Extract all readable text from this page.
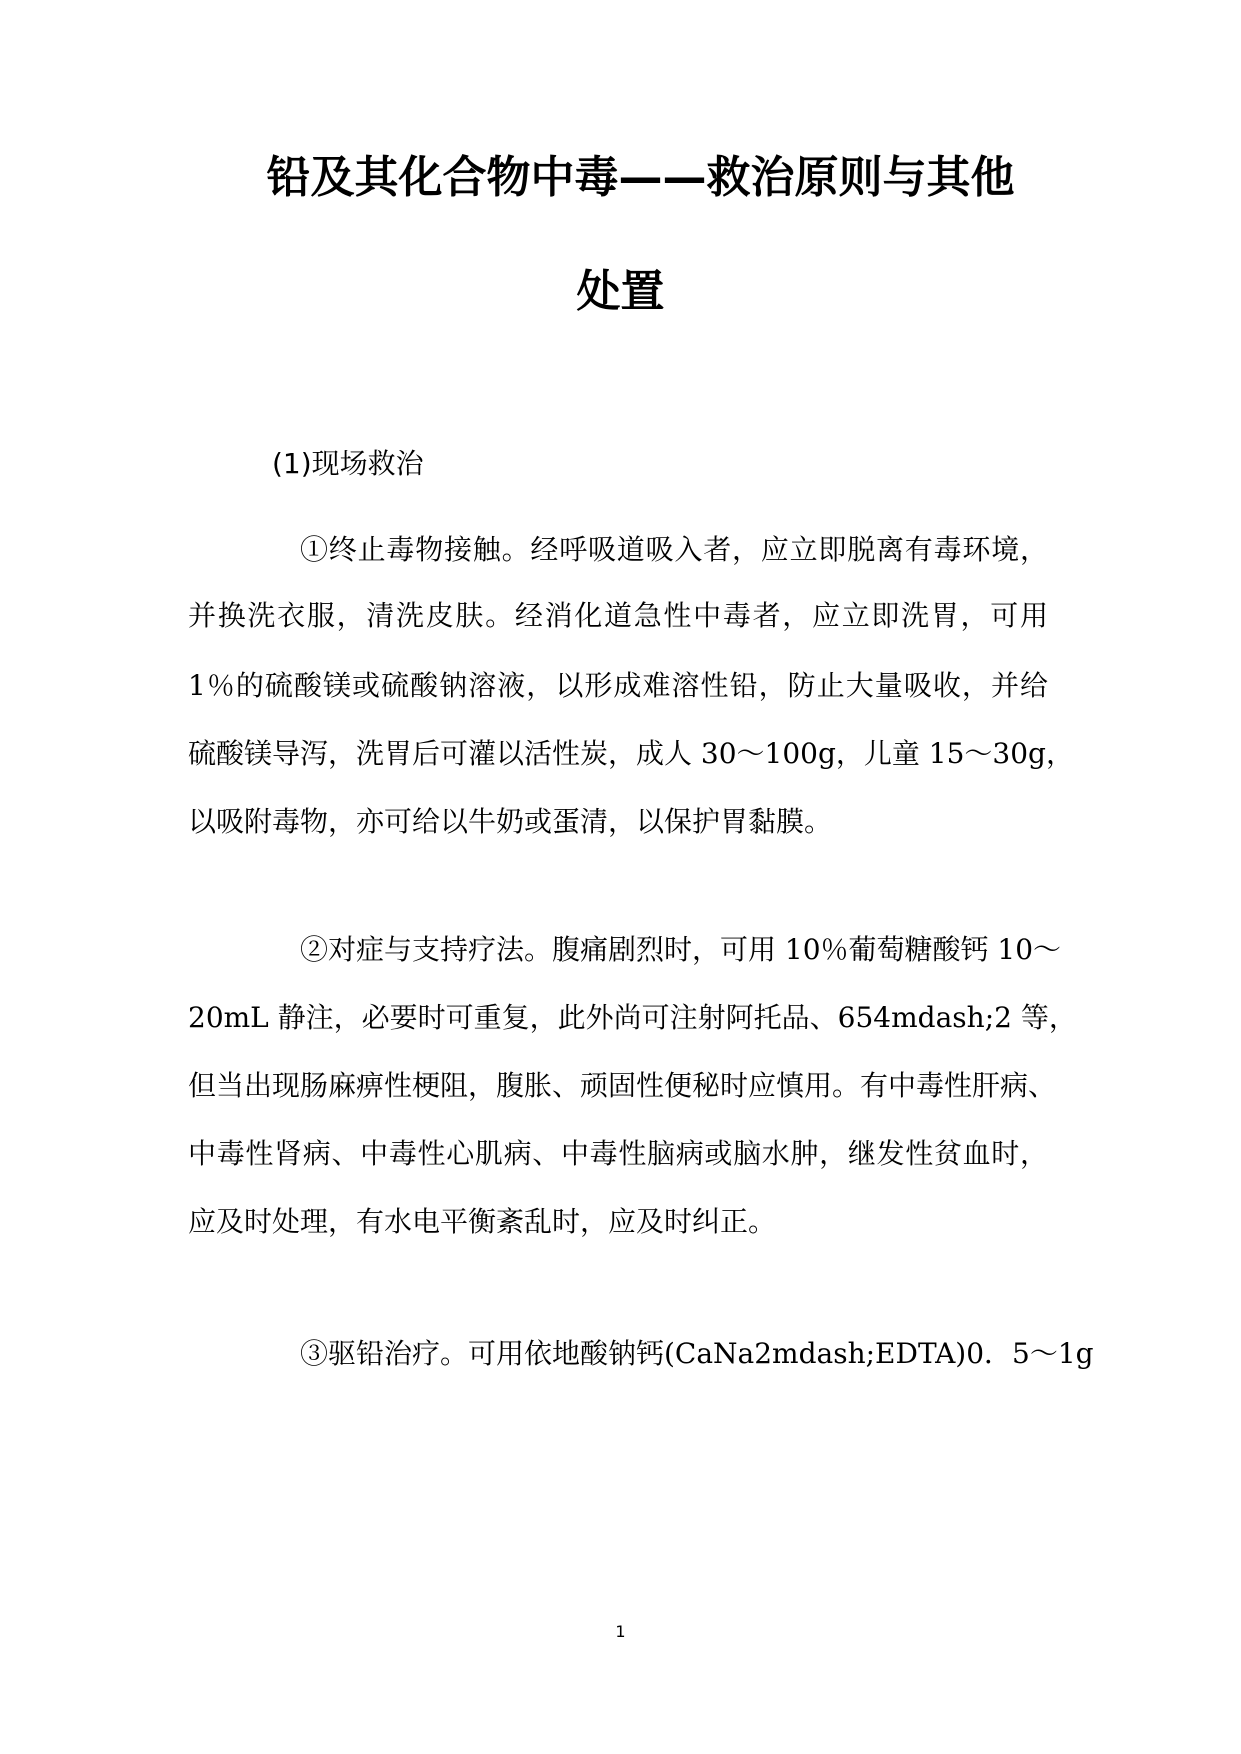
铅及其化合物中毒——救治原则与其他
处置
(1)现场救治
①终止毒物接触。经呼吸道吸入者，应立即脱离有毒环境，
并换洗衣服，清洗皮肤。经消化道急性中毒者，应立即洗胃，可用
1％的硫酸镁或硫酸钠溶液，以形成难溶性铅，防止大量吸收，并给
硫酸镁导泻，洗胃后可灌以活性炭，成人 30～100g，儿童 15～30g，
以吸附毒物，亦可给以牛奶或蛋清，以保护胃黏膜。
②对症与支持疗法。腹痛剧烈时，可用 10％葡萄糖酸钙 10～
20mL 静注，必要时可重复，此外尚可注射阿托品、654mdash;2 等，
但当出现肠麻痹性梗阻，腹胀、顽固性便秘时应慎用。有中毒性肝病、
中毒性肾病、中毒性心肌病、中毒性脑病或脑水肿，继发性贫血时，
应及时处理，有水电平衡紊乱时，应及时纠正。
③驱铅治疗。可用依地酸钠钙(CaNa2mdash;EDTA)0．5～1g
1
